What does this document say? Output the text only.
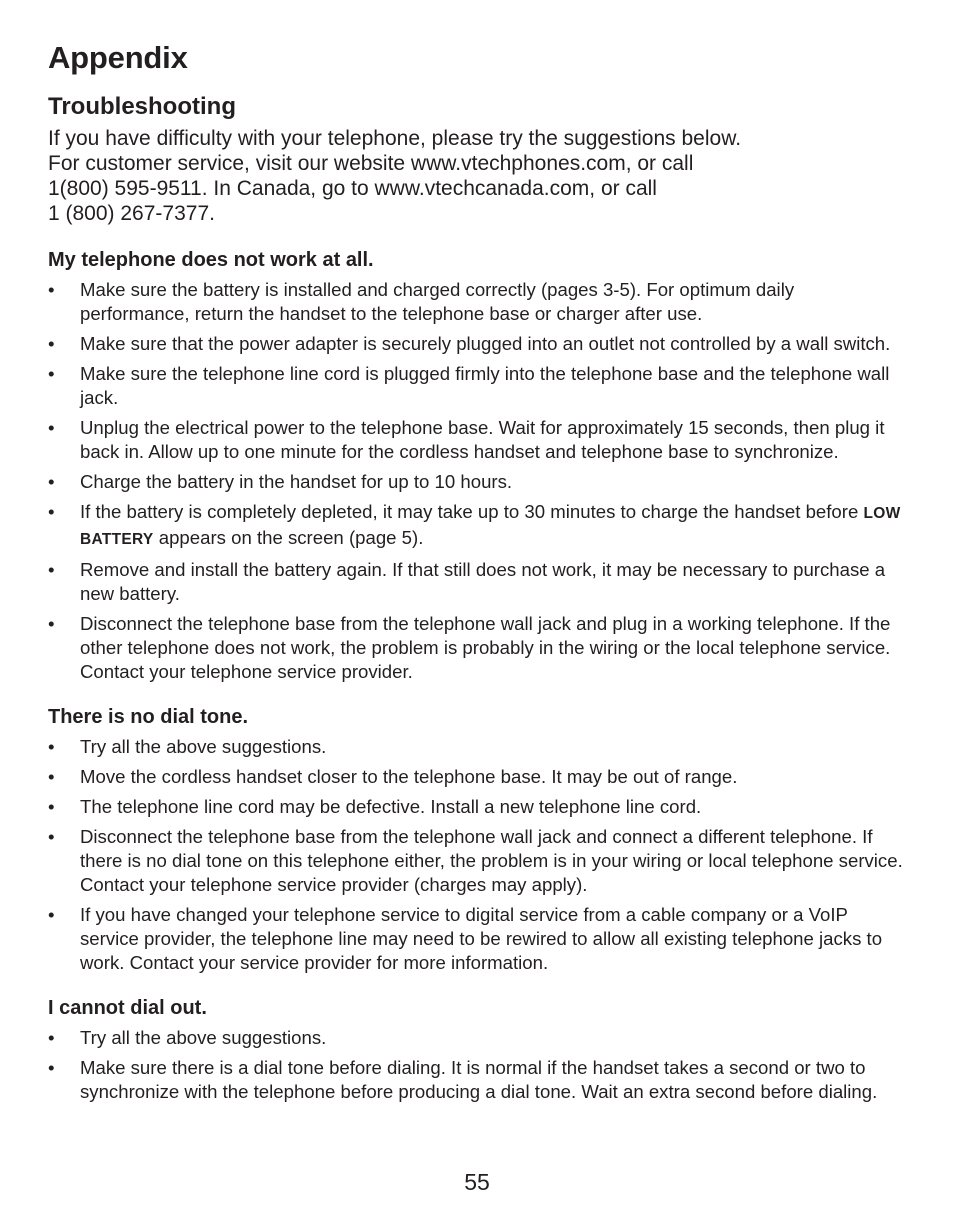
Appendix
Troubleshooting

If you have difficulty with your telephone, please try the suggestions below.
For customer service, visit our website www.vtechphones.com, or call
1(800) 595-9511. In Canada, go to www.vtechcanada.com, or call
1 (800) 267-7377.

My telephone does not work at all.
• Make sure the battery is installed and charged correctly (pages 3-5). For optimum daily performance, return the handset to the telephone base or charger after use.
• Make sure that the power adapter is securely plugged into an outlet not controlled by a wall switch.
• Make sure the telephone line cord is plugged firmly into the telephone base and the telephone wall jack.
• Unplug the electrical power to the telephone base. Wait for approximately 15 seconds, then plug it back in. Allow up to one minute for the cordless handset and telephone base to synchronize.
• Charge the battery in the handset for up to 10 hours.
• If the battery is completely depleted, it may take up to 30 minutes to charge the handset before LOW BATTERY appears on the screen (page 5).
• Remove and install the battery again. If that still does not work, it may be necessary to purchase a new battery.
• Disconnect the telephone base from the telephone wall jack and plug in a working telephone. If the other telephone does not work, the problem is probably in the wiring or the local telephone service. Contact your telephone service provider.
There is no dial tone.
• Try all the above suggestions.
• Move the cordless handset closer to the telephone base. It may be out of range.
• The telephone line cord may be defective. Install a new telephone line cord.
• Disconnect the telephone base from the telephone wall jack and connect a different telephone. If there is no dial tone on this telephone either, the problem is in your wiring or local telephone service. Contact your telephone service provider (charges may apply).
• If you have changed your telephone service to digital service from a cable company or a VoIP service provider, the telephone line may need to be rewired to allow all existing telephone jacks to work. Contact your service provider for more information.
I cannot dial out.
• Try all the above suggestions.
• Make sure there is a dial tone before dialing. It is normal if the handset takes a second or two to synchronize with the telephone before producing a dial tone. Wait an extra second before dialing.
55
